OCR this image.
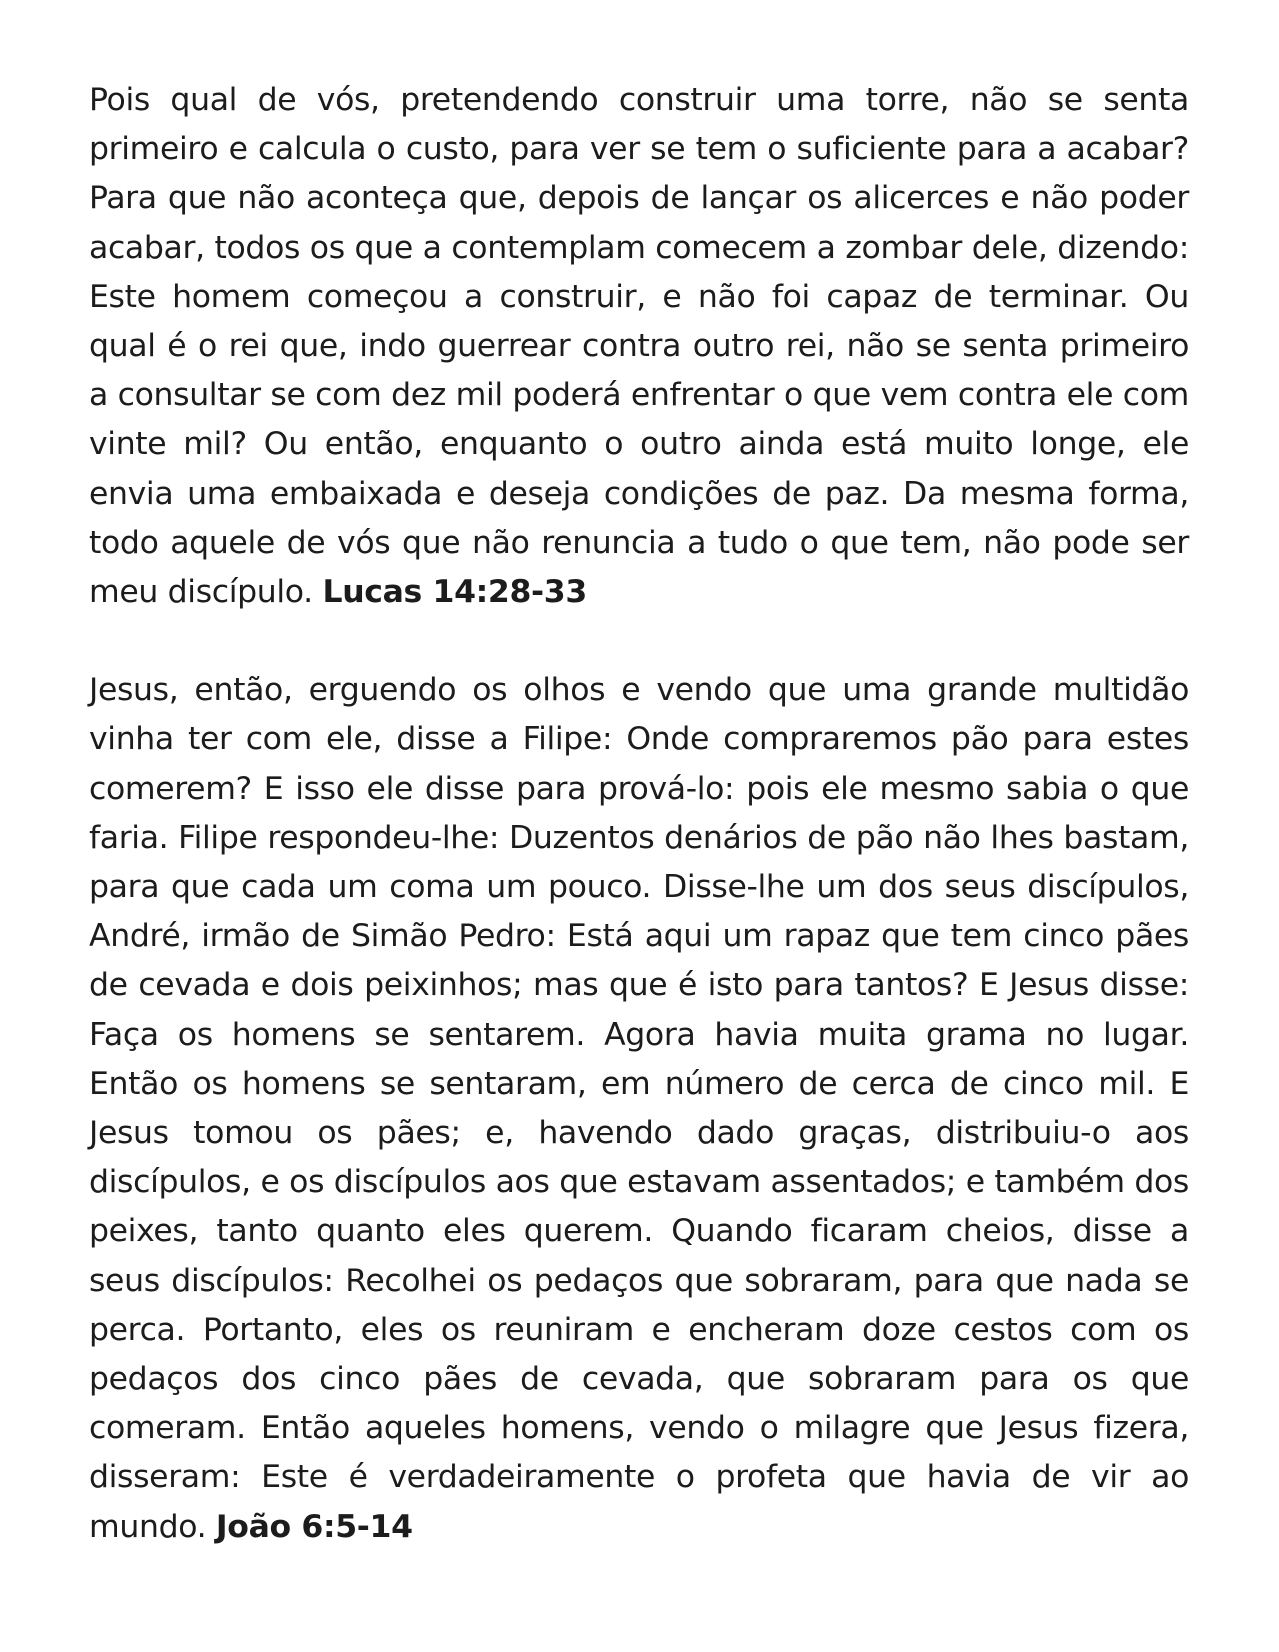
Pois qual de vós, pretendendo construir uma torre, não se senta primeiro e calcula o custo, para ver se tem o suficiente para a acabar? Para que não aconteça que, depois de lançar os alicerces e não poder acabar, todos os que a contemplam comecem a zombar dele, dizendo: Este homem começou a construir, e não foi capaz de terminar. Ou qual é o rei que, indo guerrear contra outro rei, não se senta primeiro a consultar se com dez mil poderá enfrentar o que vem contra ele com vinte mil? Ou então, enquanto o outro ainda está muito longe, ele envia uma embaixada e deseja condições de paz. Da mesma forma, todo aquele de vós que não renuncia a tudo o que tem, não pode ser meu discípulo. Lucas 14:28-33

Jesus, então, erguendo os olhos e vendo que uma grande multidão vinha ter com ele, disse a Filipe: Onde compraremos pão para estes comerem? E isso ele disse para prová-lo: pois ele mesmo sabia o que faria. Filipe respondeu-lhe: Duzentos denários de pão não lhes bastam, para que cada um coma um pouco. Disse-lhe um dos seus discípulos, André, irmão de Simão Pedro: Está aqui um rapaz que tem cinco pães de cevada e dois peixinhos; mas que é isto para tantos? E Jesus disse: Faça os homens se sentarem. Agora havia muita grama no lugar. Então os homens se sentaram, em número de cerca de cinco mil. E Jesus tomou os pães; e, havendo dado graças, distribuiu-o aos discípulos, e os discípulos aos que estavam assentados; e também dos peixes, tanto quanto eles querem. Quando ficaram cheios, disse a seus discípulos: Recolhei os pedaços que sobraram, para que nada se perca. Portanto, eles os reuniram e encheram doze cestos com os pedaços dos cinco pães de cevada, que sobraram para os que comeram. Então aqueles homens, vendo o milagre que Jesus fizera, disseram: Este é verdadeiramente o profeta que havia de vir ao mundo. João 6:5-14
